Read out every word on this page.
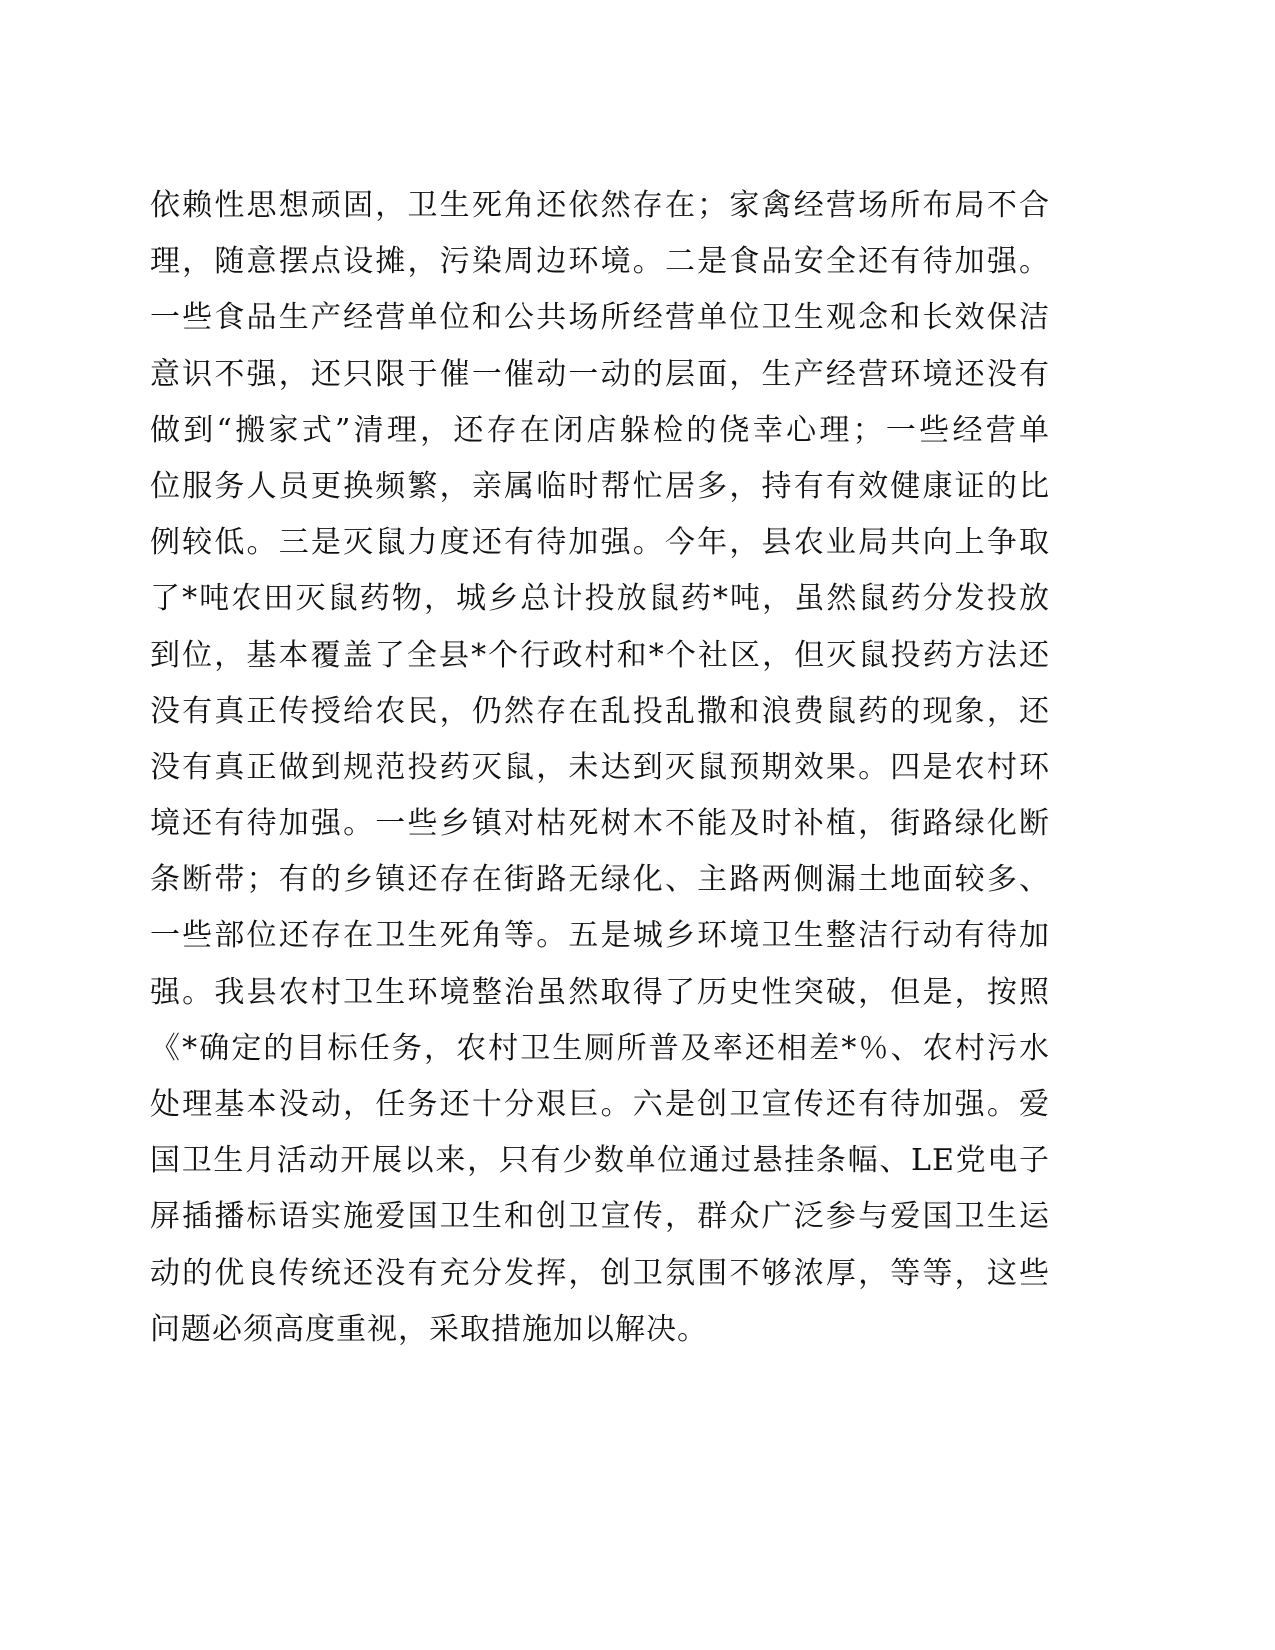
依赖性思想顽固，卫生死角还依然存在；家禽经营场所布局不合
理，随意摆点设摊，污染周边环境。二是食品安全还有待加强。
一些食品生产经营单位和公共场所经营单位卫生观念和长效保洁
意识不强，还只限于催一催动一动的层面，生产经营环境还没有
做到“搬家式”清理，还存在闭店躲检的侥幸心理；一些经营单
位服务人员更换频繁，亲属临时帮忙居多，持有有效健康证的比
例较低。三是灭鼠力度还有待加强。今年，县农业局共向上争取
了*吨农田灭鼠药物，城乡总计投放鼠药*吨，虽然鼠药分发投放
到位，基本覆盖了全县*个行政村和*个社区，但灭鼠投药方法还
没有真正传授给农民，仍然存在乱投乱撒和浪费鼠药的现象，还
没有真正做到规范投药灭鼠，未达到灭鼠预期效果。四是农村环
境还有待加强。一些乡镇对枯死树木不能及时补植，街路绿化断
条断带；有的乡镇还存在街路无绿化、主路两侧漏土地面较多、
一些部位还存在卫生死角等。五是城乡环境卫生整洁行动有待加
强。我县农村卫生环境整治虽然取得了历史性突破，但是，按照
《*确定的目标任务，农村卫生厕所普及率还相差*％、农村污水
处理基本没动，任务还十分艰巨。六是创卫宣传还有待加强。爱
国卫生月活动开展以来，只有少数单位通过悬挂条幅、LE党电子
屏插播标语实施爱国卫生和创卫宣传，群众广泛参与爱国卫生运
动的优良传统还没有充分发挥，创卫氛围不够浓厚，等等，这些
问题必须高度重视，采取措施加以解决。
